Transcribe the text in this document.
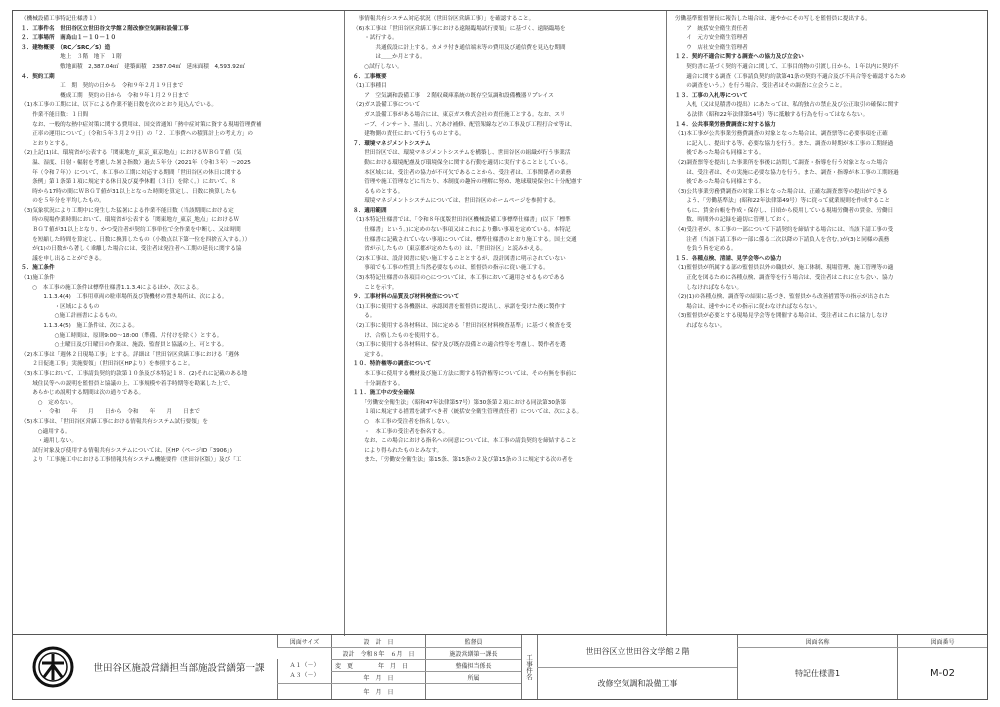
（機械設備工事特記仕様書１）

１．工事件名　世田谷区立世田谷文学館２階改修空気調和設備工事

２．工事場所　南烏山１－１０－１０

３．建物概要　（RC／SRC／S）造

　　　　　　　地上　３階　地下　１階

　　　　　　　敷地面積　2,387.04㎡　建築面積　2387.04㎡　延床面積　4,593.92㎡

４．契約工期

　　　　　　　工　期　契約の日から　令和９年２月１９日まで

　　　　　　　概成工期　契約の日から　令和９年１月２９日まで

（1)本工事の工期には、以下による作業不能日数を次のとおり見込んでいる。

　　作業不能日数：１日間

　　なお、一般的な熱中症対策に関する費用は、国交省通知「熱中症対策に資する現場管理費補

　　正率の運用について」（令和５年３月２９日）の「２．工事費への積算計上の考え方」の

　　とおりとする。

（2)上記(1)は、環境省が公表する「関東地方_東京_東京地点」におけるＷＢＧＴ値（気

　　温、湿度、日射・輻射を考慮した暑さ指数）過去５年分（2021年（令和３年）～2025

　　年（令和７年））について、本工事の工期に対応する期間「世田谷区の休日に関する

　　条例」第１条第１項に規定する休日及び夏季休暇（３日）を除く。）において、８

　　時から17時の間にＷＢＧＴ値が31以上となった時間を算定し、日数に換算したも

　　のを５年分を平均したもの。

（3)気象状況により工期中に発生した猛暑による作業不能日数（当該期間における定

　　時の現場作業時間において、環境省が公表する「関東地方_東京_地点」におけるＷ

　　ＢＧＴ値が31以上となり、かつ受注者が契約工事単位で全作業を中断し、又は時間

　　を短縮した時間を算定し、日数に換算したもの（小数点以下第一位を四捨五入する。））

　　が(1)の日数から著しく乖離した場合には、受注者は発注者へ工期の延長に関する協

　　議を申し出ることができる。

５．施工条件

（1)施工条件

　　○　本工事の施工条件は標準仕様書1.1.3.4によるほか、次による。

　　　　1.1.3.4(4)　工事用車両の駐車場所及び資機材の置き場所は、次による。

　　　　　　・区域によるもの

　　　　　　○施工計画書によるもの。

　　　　1.1.3.4(5)　施工条件は、次による。

　　　　　　○施工時間は、原則9:00～18:00（準備、片付けを除く）とする。

　　　　　　○土曜日及び日曜日の作業は、施設、監督員と協議の上、可とする。

（2)本工事は「週休２日現場工事」とする。詳細は「世田谷区営繕工事における「週休

　　２日促進工事」実施要領」（世田谷区HPより）を参照すること。

（3)本工事において、工事請負契約約款第１０条及び本特記１８．(2)それに記載のある地

　　域住民等への説明を監督員と協議の上、工事規模や着手時期等を勘案した上で、

　　あらかじめ説明する期間は次の通りである。

　　　○　定めない。

　　　・　令和　　年　　月　　日から　令和　　年　　月　　日まで

（5)本工事は、「世田谷区営繕工事における情報共有システム試行要領」を

　　　○適用する。

　　　・適用しない。

　　試行対象及び使用する情報共有システムについては、区HP（ページID「3906」)

　　より「工事施工中における工事情報共有システム機能要件（世田谷区版）」及び「工

　事情報共有システム対応状況（世田谷区営繕工事）」を確認すること。

（6)本工事は「世田谷区営繕工事における遠隔臨場試行要領」に基づく、遠隔臨場を

　　・試行する。

　　　　共通仮設に計上する。カメラ付き通信端末等の費用及び通信費を見込む期間

　　　　は＿＿か月とする。

　　○試行しない。

６．工事概要

（1)工事種目

　　ア　空気調和設備工事　２階収蔵庫系統の既存空気調和設備機器リプレイス

（2)ガス設備工事について

　　ガス設備工事がある場合には、東京ガス株式会社の責任施工とする。なお、スリ

　　ーブ、インサート、墨出し、穴あけ補修、配管架線などの工事及び工程打合せ等は、

　　建物側の責任において行うものとする。

７．環境マネジメントシステム

　　世田谷区では、環境マネジメントシステムを構築し、世田谷区の組織が行う事業活

　　動における環境配慮及び環境保全に関する行動を適切に実行することとしている。

　　本区域には、受注者の協力が不可欠であることから、受注者は、工事関係者の業務

　　管理や施工管理などに当たり、本制度の趣旨の理解に努め、地球環境保全に十分配慮す

　　るものとする。

　　環境マネジメントシステムについては、世田谷区のホームページを参照する。

８．適用範囲

（1)本特記仕様書では、「令和８年度版世田谷区機械設備工事標準仕様書」(以下「標準

　　仕様書」という。)に定めのない事項又はこれにより難い事項を定めている。本特記

　　仕様書に記載されていない事項については、標準仕様書のとおり施工する。国土交通

　　省が示したもの（東京都が定めたもの）は、「世田谷区」と読みかえる。

（2)本工事は、設計図書に従い施工することとするが、設計図書に明示されていない

　　事項でも工事の性質上当然必要なものは、監督員の指示に従い施工する。

（3)本特記仕様書の各項目の○につついては、本工事において適用させるものである

　　ことを示す。

９．工事材料の品質及び材料検査について

（1)工事に使用する各機器は、承認図書を監督員に提出し、承諾を受けた後に製作す

　　る。

（2)工事に使用する各材料は、国に定める「世田谷区材料検査基準」に基づく検査を受

　　け、合格したものを使用する。

（3)工事に使用する各材料は、保守及び既存設備との適合性等を考慮し、製作者を選

　　定する。

１０．特許権等の調査について

　　本工事に使用する機材及び施工方法に関する特許権等については、その有無を事前に

　　十分調査する。

１１．施工中の安全確保

　　「労働安全衛生法」（昭和47年法律第57号）第30条第２項における同法第30条第

　　１項に規定する措置を講ずべき者（統括安全衛生管理責任者）については、次による。

　　○　本工事の受注者を指名しない。

　　・　本工事の受注者を指名する。

　　なお、この場合における指名への同意については、本工事の請負契約を締結すること

　　により得られたものとみなす。

　　また、「労働安全衛生法」第15条、第15条の２及び第15条の３に規定する次の者を

労働基準監督署長に報告した場合は、速やかにその写しを監督員に提出する。

　　ア　統括安全衛生責任者

　　イ　元方安全衛生管理者

　　ウ　店社安全衛生管理者

１２．契約不適合に関する調査への協力及び立会い

　　契約書に基づく契約不適合に関して、工事目的物の引渡し日から、１年以内に契約不

　　適合に関する調査（工事請負契約約款第41条の契約不適合及び不具合等を確認するため

　　の調査をいう。）を行う場合、受注者はその調査に立会うこと。

１３．工事の入札等について

　　入札（又は見積書の提出）にあたっては、私的独占の禁止及び公正取引の確保に関す

　　る法律（昭和22年法律第54号）等に抵触する行為を行ってはならない。

１４．公共事業労務費調査に対する協力

（1)本工事が公共事業労務費調査の対象となった場合は、調査票等に必要事項を正確

　　に記入し、提出する等、必要な協力を行う。また、調査の時期が本工事の工期経過

　　後であった場合も同様とする。

（2)調査票等を提出した事業所を事後に訪問して調査・指導を行う対象となった場合

　　は、受注者は、その実施に必要な協力を行う。また、調査・指導が本工事の工期経過

　　後であった場合も同様とする。

（3)公共事業労務費調査の対象工事となった場合は、正確な調査票等の提出ができる

　　よう、「労働基準法」(昭和22年法律第49号）等に従って就業規則を作成すること

　　もに、賃金台帳を作成・保存し、日頃から使用している現場労働者の賃金、労働日

　　数、時間外の記録を適切に管理しておく。

（4)受注者が、本工事の一部について下請契約を締結する場合には、当該下請工事の受

　　注者（当該下請工事の一部に係る二次以降の下請負人を含む。)が(3)と同様の義務

　　を負う旨を定める。

１５．各種点検、清請、見学会等への協力

（1)監督員が所属する部の監督員以外の職員が、施工体制、現場管理、施工管理等の適

　　正化を図るために各種点検、調査等を行う場合は、受注者はこれに立ち会い、協力

　　しなければならない。

（2)(1)の各種点検、調査等の結果に基づき、監督員から改善措置等の指示が出された

　　場合は、速やかにその指示に従わなければならない。

（3)監督員が必要とする現場見学会等を開催する場合は、受注者はこれに協力しなけ

　　ればならない。

世田谷区施設営繕担当部施設営繕第一課
図面サイズ
Ａ１（－）
Ａ３（－）
設　計　日
設計　令和８年　６月　日
変　更	年　月　日
年　月　日
年　月　日
監督員
施設営繕第一課長
整備担当係長
所属	工事件名
世田谷区立世田谷文学館２階
改修空気調和設備工事
図面名称
特記仕様書1
図面番号
M-02
